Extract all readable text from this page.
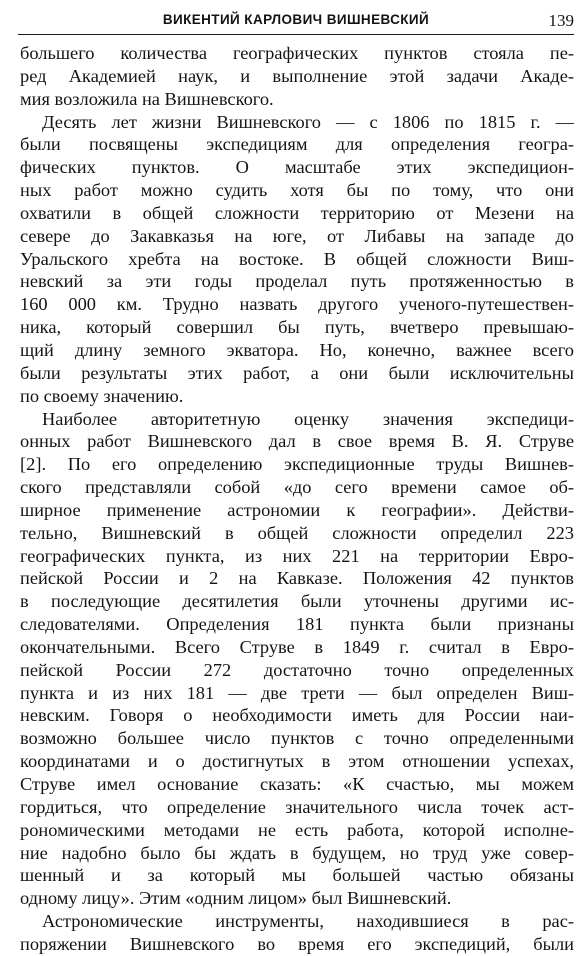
ВИКЕНТИЙ КАРЛОВИЧ ВИШНЕВСКИЙ	139
большего количества географических пунктов стояла пе-
ред Академией наук, и выполнение этой задачи Акаде-
мия возложила на Вишневского.
Десять лет жизни Вишневского — с 1806 по 1815 г. —
были посвящены экспедициям для определения геогра-
фических пунктов. О масштабе этих экспедицион-
ных работ можно судить хотя бы по тому, что они
охватили в общей сложности территорию от Мезени на
севере до Закавказья на юге, от Либавы на западе до
Уральского хребта на востоке. В общей сложности Виш-
невский за эти годы проделал путь протяженностью в
160 000 км. Трудно назвать другого ученого-путешествен-
ника, который совершил бы путь, вчетверо превышаю-
щий длину земного экватора. Но, конечно, важнее всего
были результаты этих работ, а они были исключительны
по своему значению.
Наиболее авторитетную оценку значения экспедици-
онных работ Вишневского дал в свое время В. Я. Струве
[2]. По его определению экспедиционные труды Вишнев-
ского представляли собой «до сего времени самое об-
ширное применение астрономии к географии». Действи-
тельно, Вишневский в общей сложности определил 223
географических пункта, из них 221 на территории Евро-
пейской России и 2 на Кавказе. Положения 42 пунктов
в последующие десятилетия были уточнены другими ис-
следователями. Определения 181 пункта были признаны
окончательными. Всего Струве в 1849 г. считал в Евро-
пейской России 272 достаточно точно определенных
пункта и из них 181 — две трети — был определен Виш-
невским. Говоря о необходимости иметь для России наи-
возможно большее число пунктов с точно определенными
координатами и о достигнутых в этом отношении успехах,
Струве имел основание сказать: «К счастью, мы можем
гордиться, что определение значительного числа точек аст-
рономическими методами не есть работа, которой исполне-
ние надобно было бы ждать в будущем, но труд уже совер-
шенный и за который мы большей частью обязаны
одному лицу». Этим «одним лицом» был Вишневский.
Астрономические инструменты, находившиеся в рас-
поряжении Вишневского во время его экспедиций, были
